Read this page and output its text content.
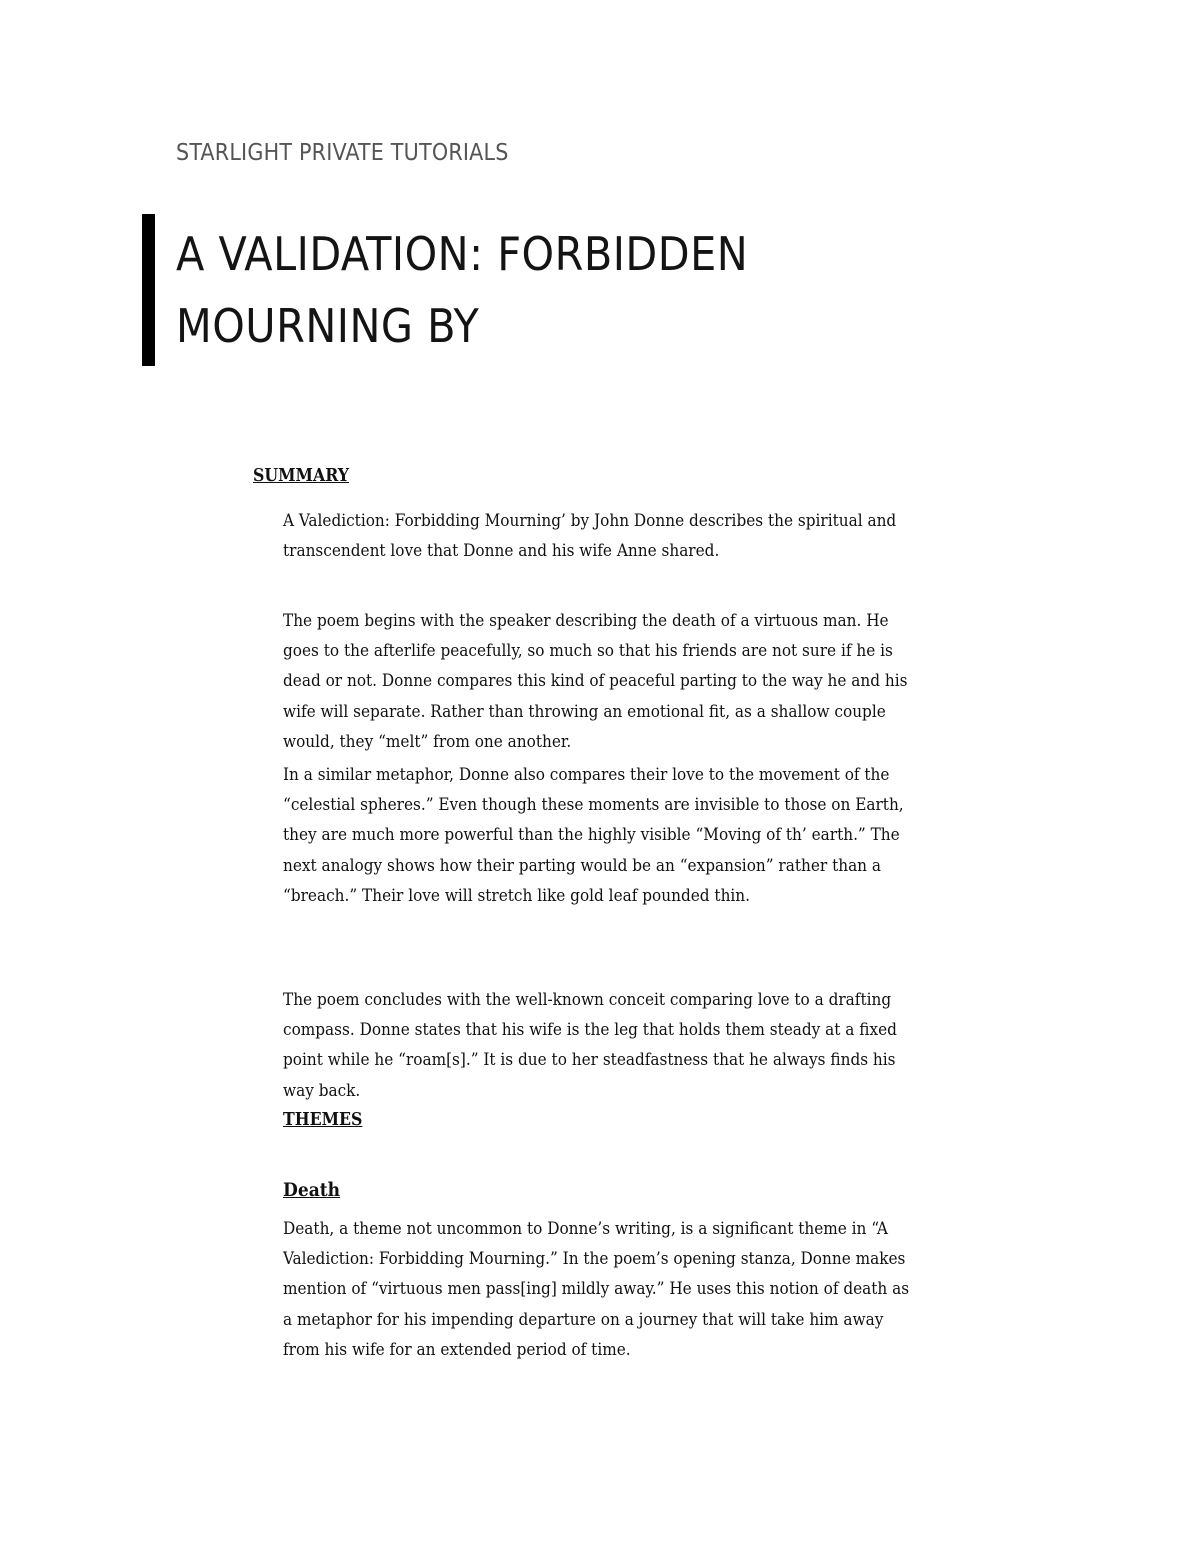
STARLIGHT PRIVATE TUTORIALS
A VALIDATION: FORBIDDEN
MOURNING BY
SUMMARY
A Valediction: Forbidding Mourning’ by John Donne describes the spiritual and
transcendent love that Donne and his wife Anne shared.
The poem begins with the speaker describing the death of a virtuous man. He
goes to the afterlife peacefully, so much so that his friends are not sure if he is
dead or not. Donne compares this kind of peaceful parting to the way he and his
wife will separate. Rather than throwing an emotional fit, as a shallow couple
would, they “melt” from one another.
In a similar metaphor, Donne also compares their love to the movement of the
“celestial spheres.” Even though these moments are invisible to those on Earth,
they are much more powerful than the highly visible “Moving of th’ earth.” The
next analogy shows how their parting would be an “expansion” rather than a
“breach.” Their love will stretch like gold leaf pounded thin.
The poem concludes with the well-known conceit comparing love to a drafting
compass. Donne states that his wife is the leg that holds them steady at a fixed
point while he “roam[s].” It is due to her steadfastness that he always finds his
way back.
THEMES
Death
Death, a theme not uncommon to Donne’s writing, is a significant theme in “A
Valediction: Forbidding Mourning.” In the poem’s opening stanza, Donne makes
mention of “virtuous men pass[ing] mildly away.” He uses this notion of death as
a metaphor for his impending departure on a journey that will take him away
from his wife for an extended period of time.
